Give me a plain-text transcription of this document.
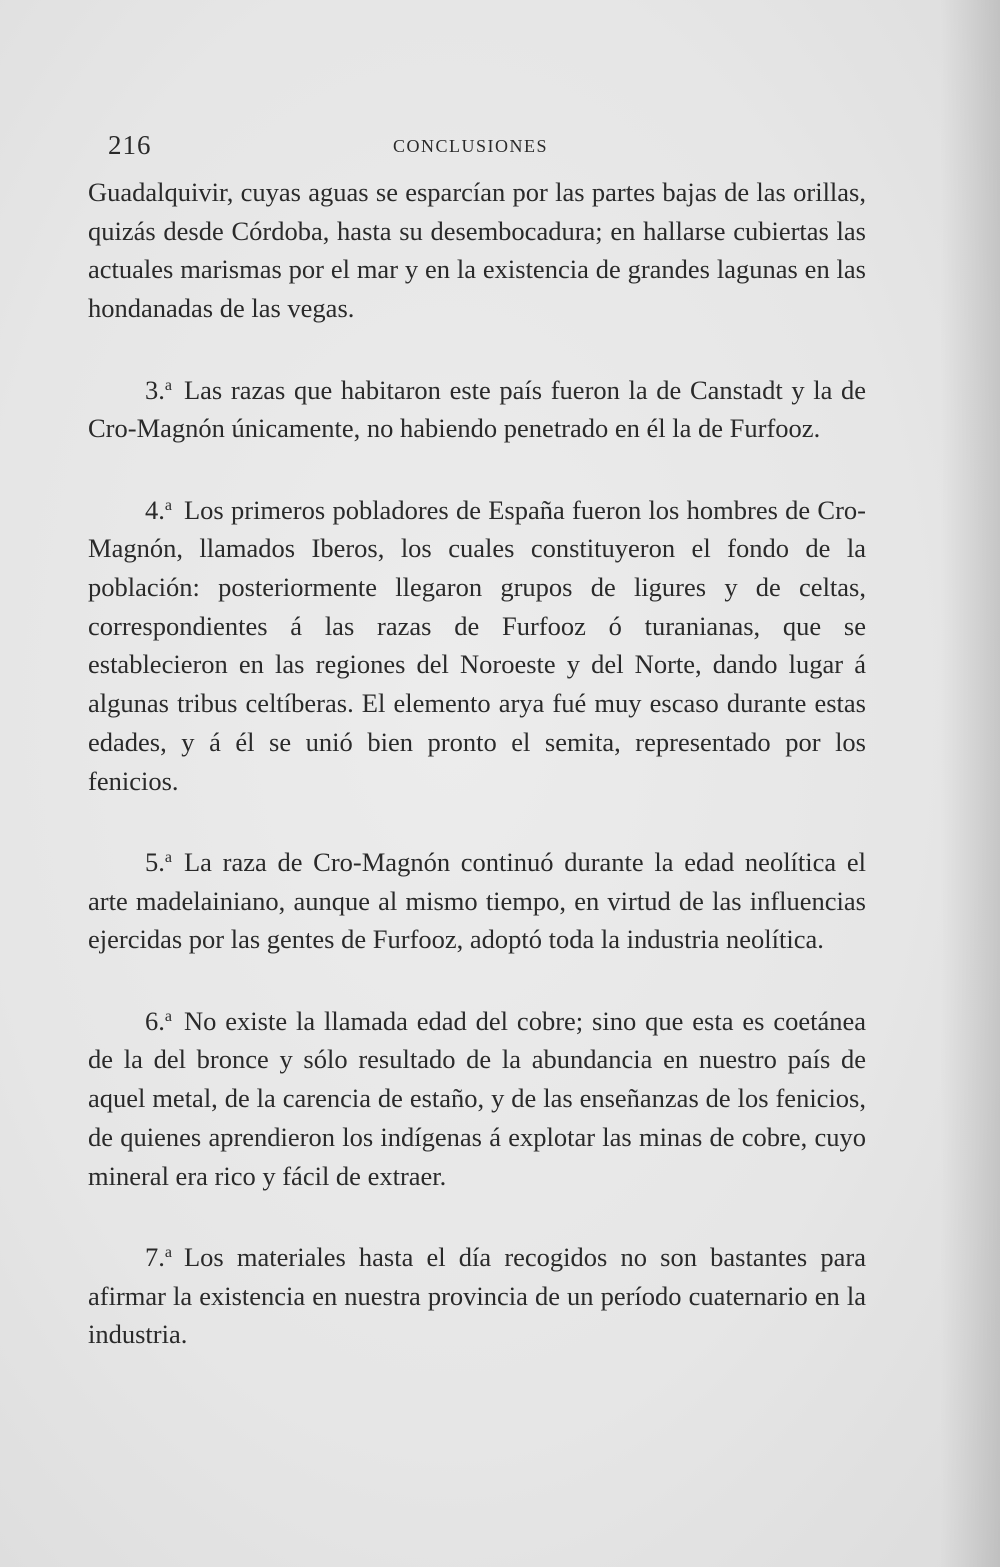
216	CONCLUSIONES

Guadalquivir, cuyas aguas se esparcían por las partes bajas de las orillas, quizás desde Córdoba, hasta su desembocadura; en hallarse cubiertas las actuales marismas por el mar y en la existencia de grandes lagunas en las hondanadas de las vegas.

3.$^a$ Las razas que habitaron este país fueron la de Canstadt y la de Cro-Magnón únicamente, no habiendo penetrado en él la de Furfooz.

4.$^a$ Los primeros pobladores de España fueron los hombres de Cro-Magnón, llamados Iberos, los cuales constituyeron el fondo de la población: posteriormente llegaron grupos de ligures y de celtas, correspondientes á las razas de Furfooz ó turanianas, que se establecieron en las regiones del Noroeste y del Norte, dando lugar á algunas tribus celtíberas. El elemento arya fué muy escaso durante estas edades, y á él se unió bien pronto el semita, representado por los fenicios.

5.$^a$ La raza de Cro-Magnón continuó durante la edad neolítica el arte madelainiano, aunque al mismo tiempo, en virtud de las influencias ejercidas por las gentes de Furfooz, adoptó toda la industria neolítica.

6.$^a$ No existe la llamada edad del cobre; sino que esta es coetánea de la del bronce y sólo resultado de la abundancia en nuestro país de aquel metal, de la carencia de estaño, y de las enseñanzas de los fenicios, de quienes aprendieron los indígenas á explotar las minas de cobre, cuyo mineral era rico y fácil de extraer.

7.$^a$ Los materiales hasta el día recogidos no son bastantes para afirmar la existencia en nuestra provincia de un período cuaternario en la industria.
